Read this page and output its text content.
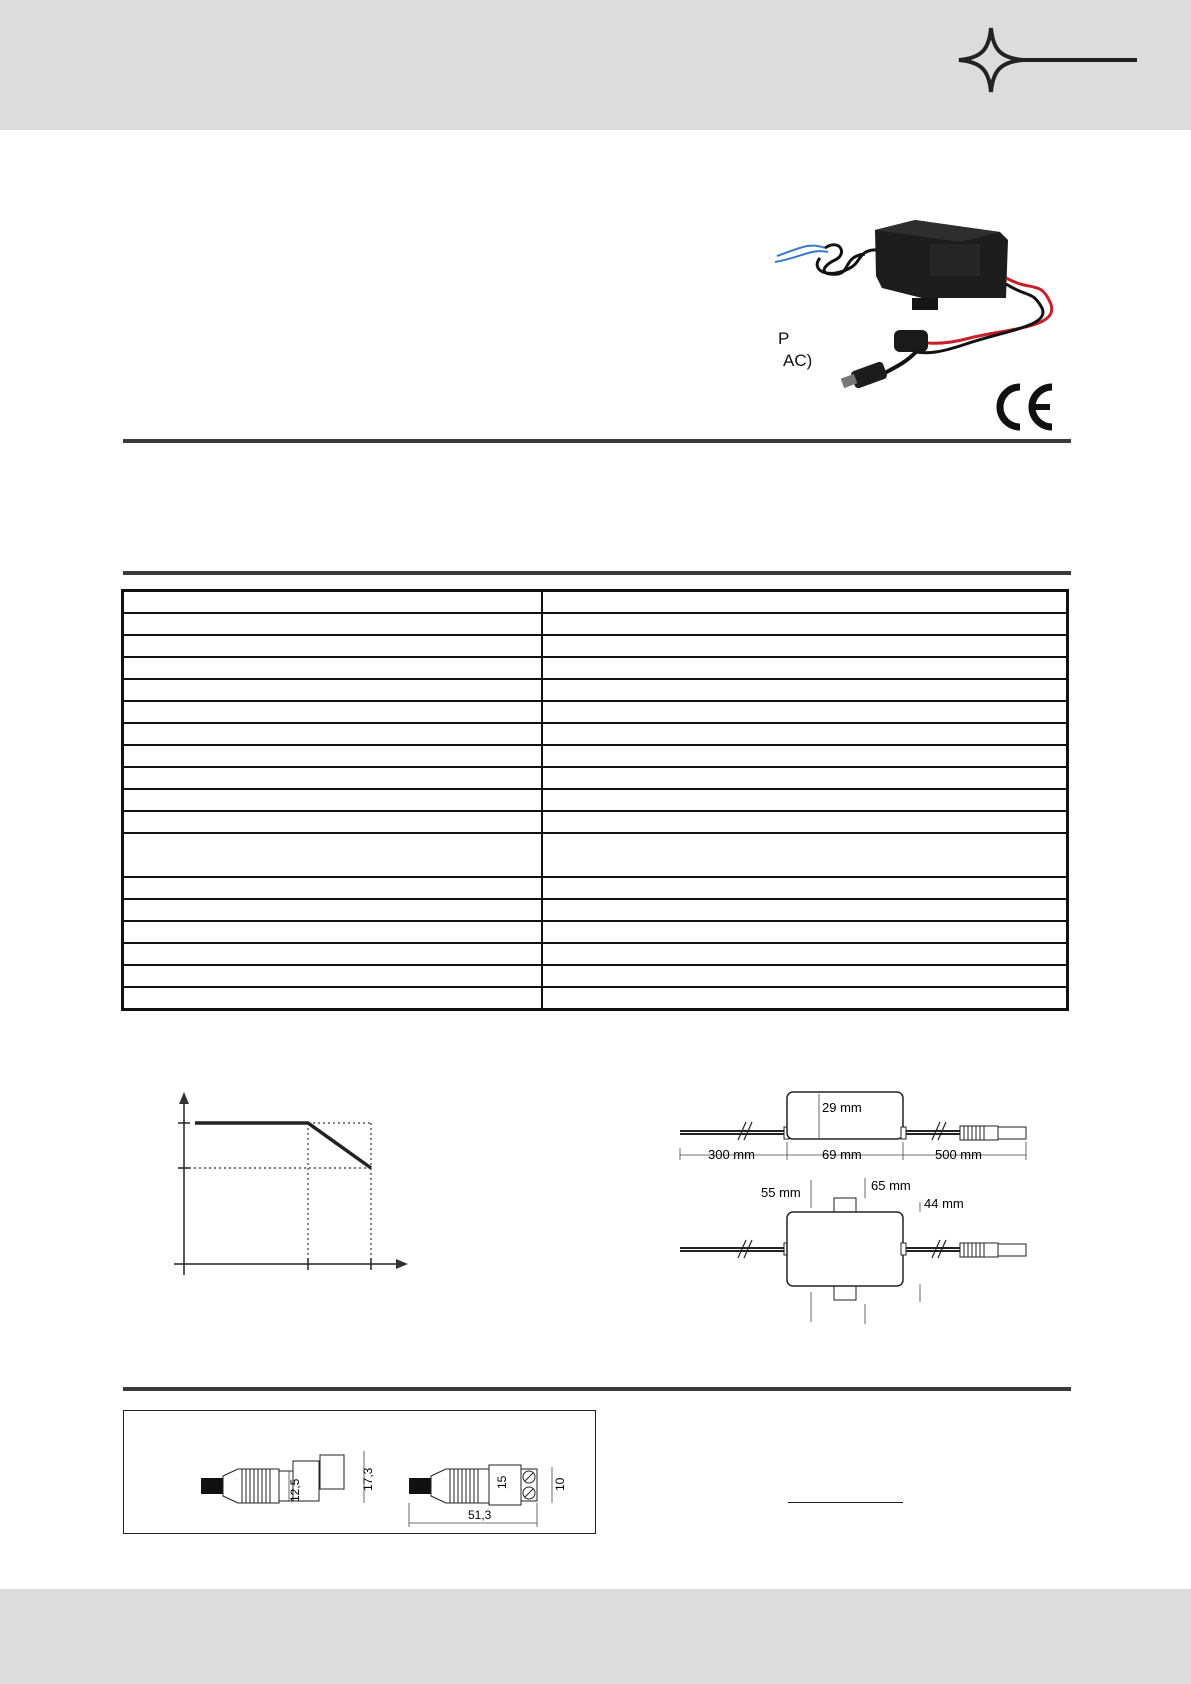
P
AC)

29 mm
300 mm	69 mm	500 mm
55 mm	65 mm
44 mm
12,5	17,3	15	10
51,3
